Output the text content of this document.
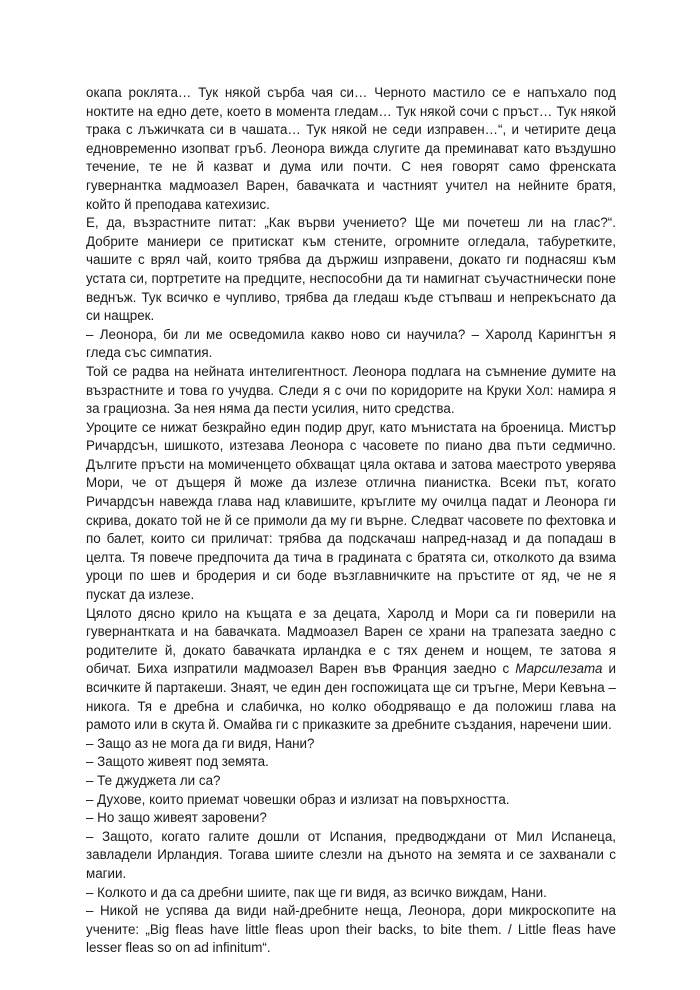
окапа роклята… Тук някой сърба чая си… Черното мастило се е напъхало под ноктите на едно дете, което в момента гледам… Тук някой сочи с пръст… Тук някой трака с лъжичката си в чашата… Тук някой не седи изправен…“, и четирите деца едновременно изопват гръб. Леонора вижда слугите да преминават като въздушно течение, те не й казват и дума или почти. С нея говорят само френската гувернантка мадмоазел Варен, бавачката и частният учител на нейните братя, който й преподава катехизис.

Е, да, възрастните питат: „Как върви учението? Ще ми почетеш ли на глас?“. Добрите маниери се притискат към стените, огромните огледала, табуретките, чашите с врял чай, които трябва да държиш изправени, докато ги поднасяш към устата си, портретите на предците, неспособни да ти намигнат съучастнически поне веднъж. Тук всичко е чупливо, трябва да гледаш къде стъпваш и непрекъснато да си нащрек.

– Леонора, би ли ме осведомила какво ново си научила? – Харолд Карингтън я гледа със симпатия.

Той се радва на нейната интелигентност. Леонора подлага на съмнение думите на възрастните и това го учудва. Следи я с очи по коридорите на Круки Хол: намира я за грациозна. За нея няма да пести усилия, нито средства.

Уроците се нижат безкрайно един подир друг, като мънистата на броеница. Мистър Ричардсън, шишкото, изтезава Леонора с часовете по пиано два пъти седмично. Дългите пръсти на момиченцето обхващат цяла октава и затова маестрото уверява Мори, че от дъщеря й може да излезе отлична пианистка. Всеки път, когато Ричардсън навежда глава над клавишите, кръглите му очилца падат и Леонора ги скрива, докато той не й се примоли да му ги върне. Следват часовете по фехтовка и по балет, които си приличат: трябва да подскачаш напред-назад и да попадаш в целта. Тя повече предпочита да тича в градината с братята си, отколкото да взима уроци по шев и бродерия и си боде възглавничките на пръстите от яд, че не я пускат да излезе.

Цялото дясно крило на къщата е за децата, Харолд и Мори са ги поверили на гувернантката и на бавачката. Мадмоазел Варен се храни на трапезата заедно с родителите й, докато бавачката ирландка е с тях денем и нощем, те затова я обичат. Биха изпратили мадмоазел Варен във Франция заедно с Марсилезата и всичките й партакеши. Знаят, че един ден госпожицата ще си тръгне, Мери Кевъна – никога. Тя е дребна и слабичка, но колко ободряващо е да положиш глава на рамото или в скута й. Омайва ги с приказките за дребните създания, наречени шии.

– Защо аз не мога да ги видя, Нани?

– Защото живеят под земята.

– Те джуджета ли са?

– Духове, които приемат човешки образ и излизат на повърхността.

– Но защо живеят заровени?

– Защото, когато галите дошли от Испания, предводждани от Мил Испанеца, завладели Ирландия. Тогава шиите слезли на дъното на земята и се захванали с магии.

– Колкото и да са дребни шиите, пак ще ги видя, аз всичко виждам, Нани.

– Никой не успява да види най-дребните неща, Леонора, дори микроскопите на учените: „Big fleas have little fleas upon their backs, to bite them. / Little fleas have lesser fleas so on ad infinitum“.
